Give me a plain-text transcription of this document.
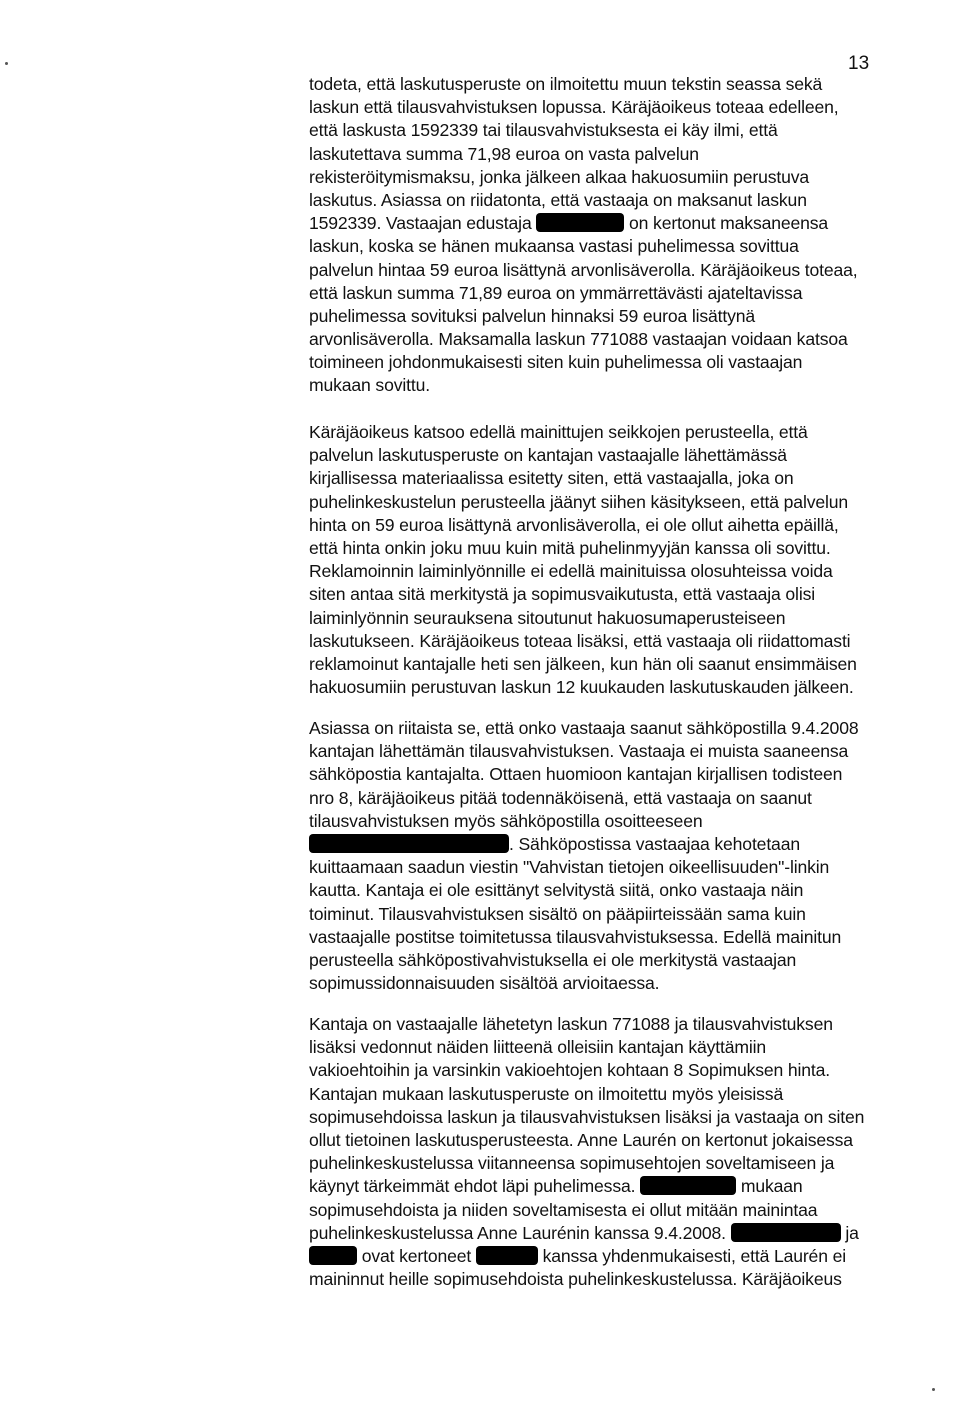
13
todeta, että laskutusperuste on ilmoitettu muun tekstin seassa sekä
laskun että tilausvahvistuksen lopussa. Käräjäoikeus toteaa edelleen,
että laskusta 1592339 tai tilausvahvistuksesta ei käy ilmi, että
laskutettava summa 71,98 euroa on vasta palvelun
rekisteröitymismaksu, jonka jälkeen alkaa hakuosumiin perustuva
laskutus. Asiassa on riidatonta, että vastaaja on maksanut laskun
1592339. Vastaajan edustaja	on kertonut maksaneensa
laskun, koska se hänen mukaansa vastasi puhelimessa sovittua
palvelun hintaa 59 euroa lisättynä arvonlisäverolla. Käräjäoikeus toteaa,
että laskun summa 71,89 euroa on ymmärrettävästi ajateltavissa
puhelimessa sovituksi palvelun hinnaksi 59 euroa lisättynä
arvonlisäverolla. Maksamalla laskun 771088 vastaajan voidaan katsoa
toimineen johdonmukaisesti siten kuin puhelimessa oli vastaajan
mukaan sovittu.
Käräjäoikeus katsoo edellä mainittujen seikkojen perusteella, että
palvelun laskutusperuste on kantajan vastaajalle lähettämässä
kirjallisessa materiaalissa esitetty siten, että vastaajalla, joka on
puhelinkeskustelun perusteella jäänyt siihen käsitykseen, että palvelun
hinta on 59 euroa lisättynä arvonlisäverolla, ei ole ollut aihetta epäillä,
että hinta onkin joku muu kuin mitä puhelinmyyjän kanssa oli sovittu.
Reklamoinnin laiminlyönnille ei edellä mainituissa olosuhteissa voida
siten antaa sitä merkitystä ja sopimusvaikutusta, että vastaaja olisi
laiminlyönnin seurauksena sitoutunut hakuosumaperusteiseen
laskutukseen. Käräjäoikeus toteaa lisäksi, että vastaaja oli riidattomasti
reklamoinut kantajalle heti sen jälkeen, kun hän oli saanut ensimmäisen
hakuosumiin perustuvan laskun 12 kuukauden laskutuskauden jälkeen.
Asiassa on riitaista se, että onko vastaaja saanut sähköpostilla 9.4.2008
kantajan lähettämän tilausvahvistuksen. Vastaaja ei muista saaneensa
sähköpostia kantajalta. Ottaen huomioon kantajan kirjallisen todisteen
nro 8, käräjäoikeus pitää todennäköisenä, että vastaaja on saanut
tilausvahvistuksen myös sähköpostilla osoitteeseen
. Sähköpostissa vastaajaa kehotetaan
kuittaamaan saadun viestin "Vahvistan tietojen oikeellisuuden"-linkin
kautta. Kantaja ei ole esittänyt selvitystä siitä, onko vastaaja näin
toiminut. Tilausvahvistuksen sisältö on pääpiirteissään sama kuin
vastaajalle postitse toimitetussa tilausvahvistuksessa. Edellä mainitun
perusteella sähköpostivahvistuksella ei ole merkitystä vastaajan
sopimussidonnaisuuden sisältöä arvioitaessa.
Kantaja on vastaajalle lähetetyn laskun 771088 ja tilausvahvistuksen
lisäksi vedonnut näiden liitteenä olleisiin kantajan käyttämiin
vakioehtoihin ja varsinkin vakioehtojen kohtaan 8 Sopimuksen hinta.
Kantajan mukaan laskutusperuste on ilmoitettu myös yleisissä
sopimusehdoissa laskun ja tilausvahvistuksen lisäksi ja vastaaja on siten
ollut tietoinen laskutusperusteesta. Anne Laurén on kertonut jokaisessa
puhelinkeskustelussa viitanneensa sopimusehtojen soveltamiseen ja
käynyt tärkeimmät ehdot läpi puhelimessa.	mukaan
sopimusehdoista ja niiden soveltamisesta ei ollut mitään mainintaa
puhelinkeskustelussa Anne Laurénin kanssa 9.4.2008.	ja
ovat kertoneet	kanssa yhdenmukaisesti, että Laurén ei
maininnut heille sopimusehdoista puhelinkeskustelussa. Käräjäoikeus
